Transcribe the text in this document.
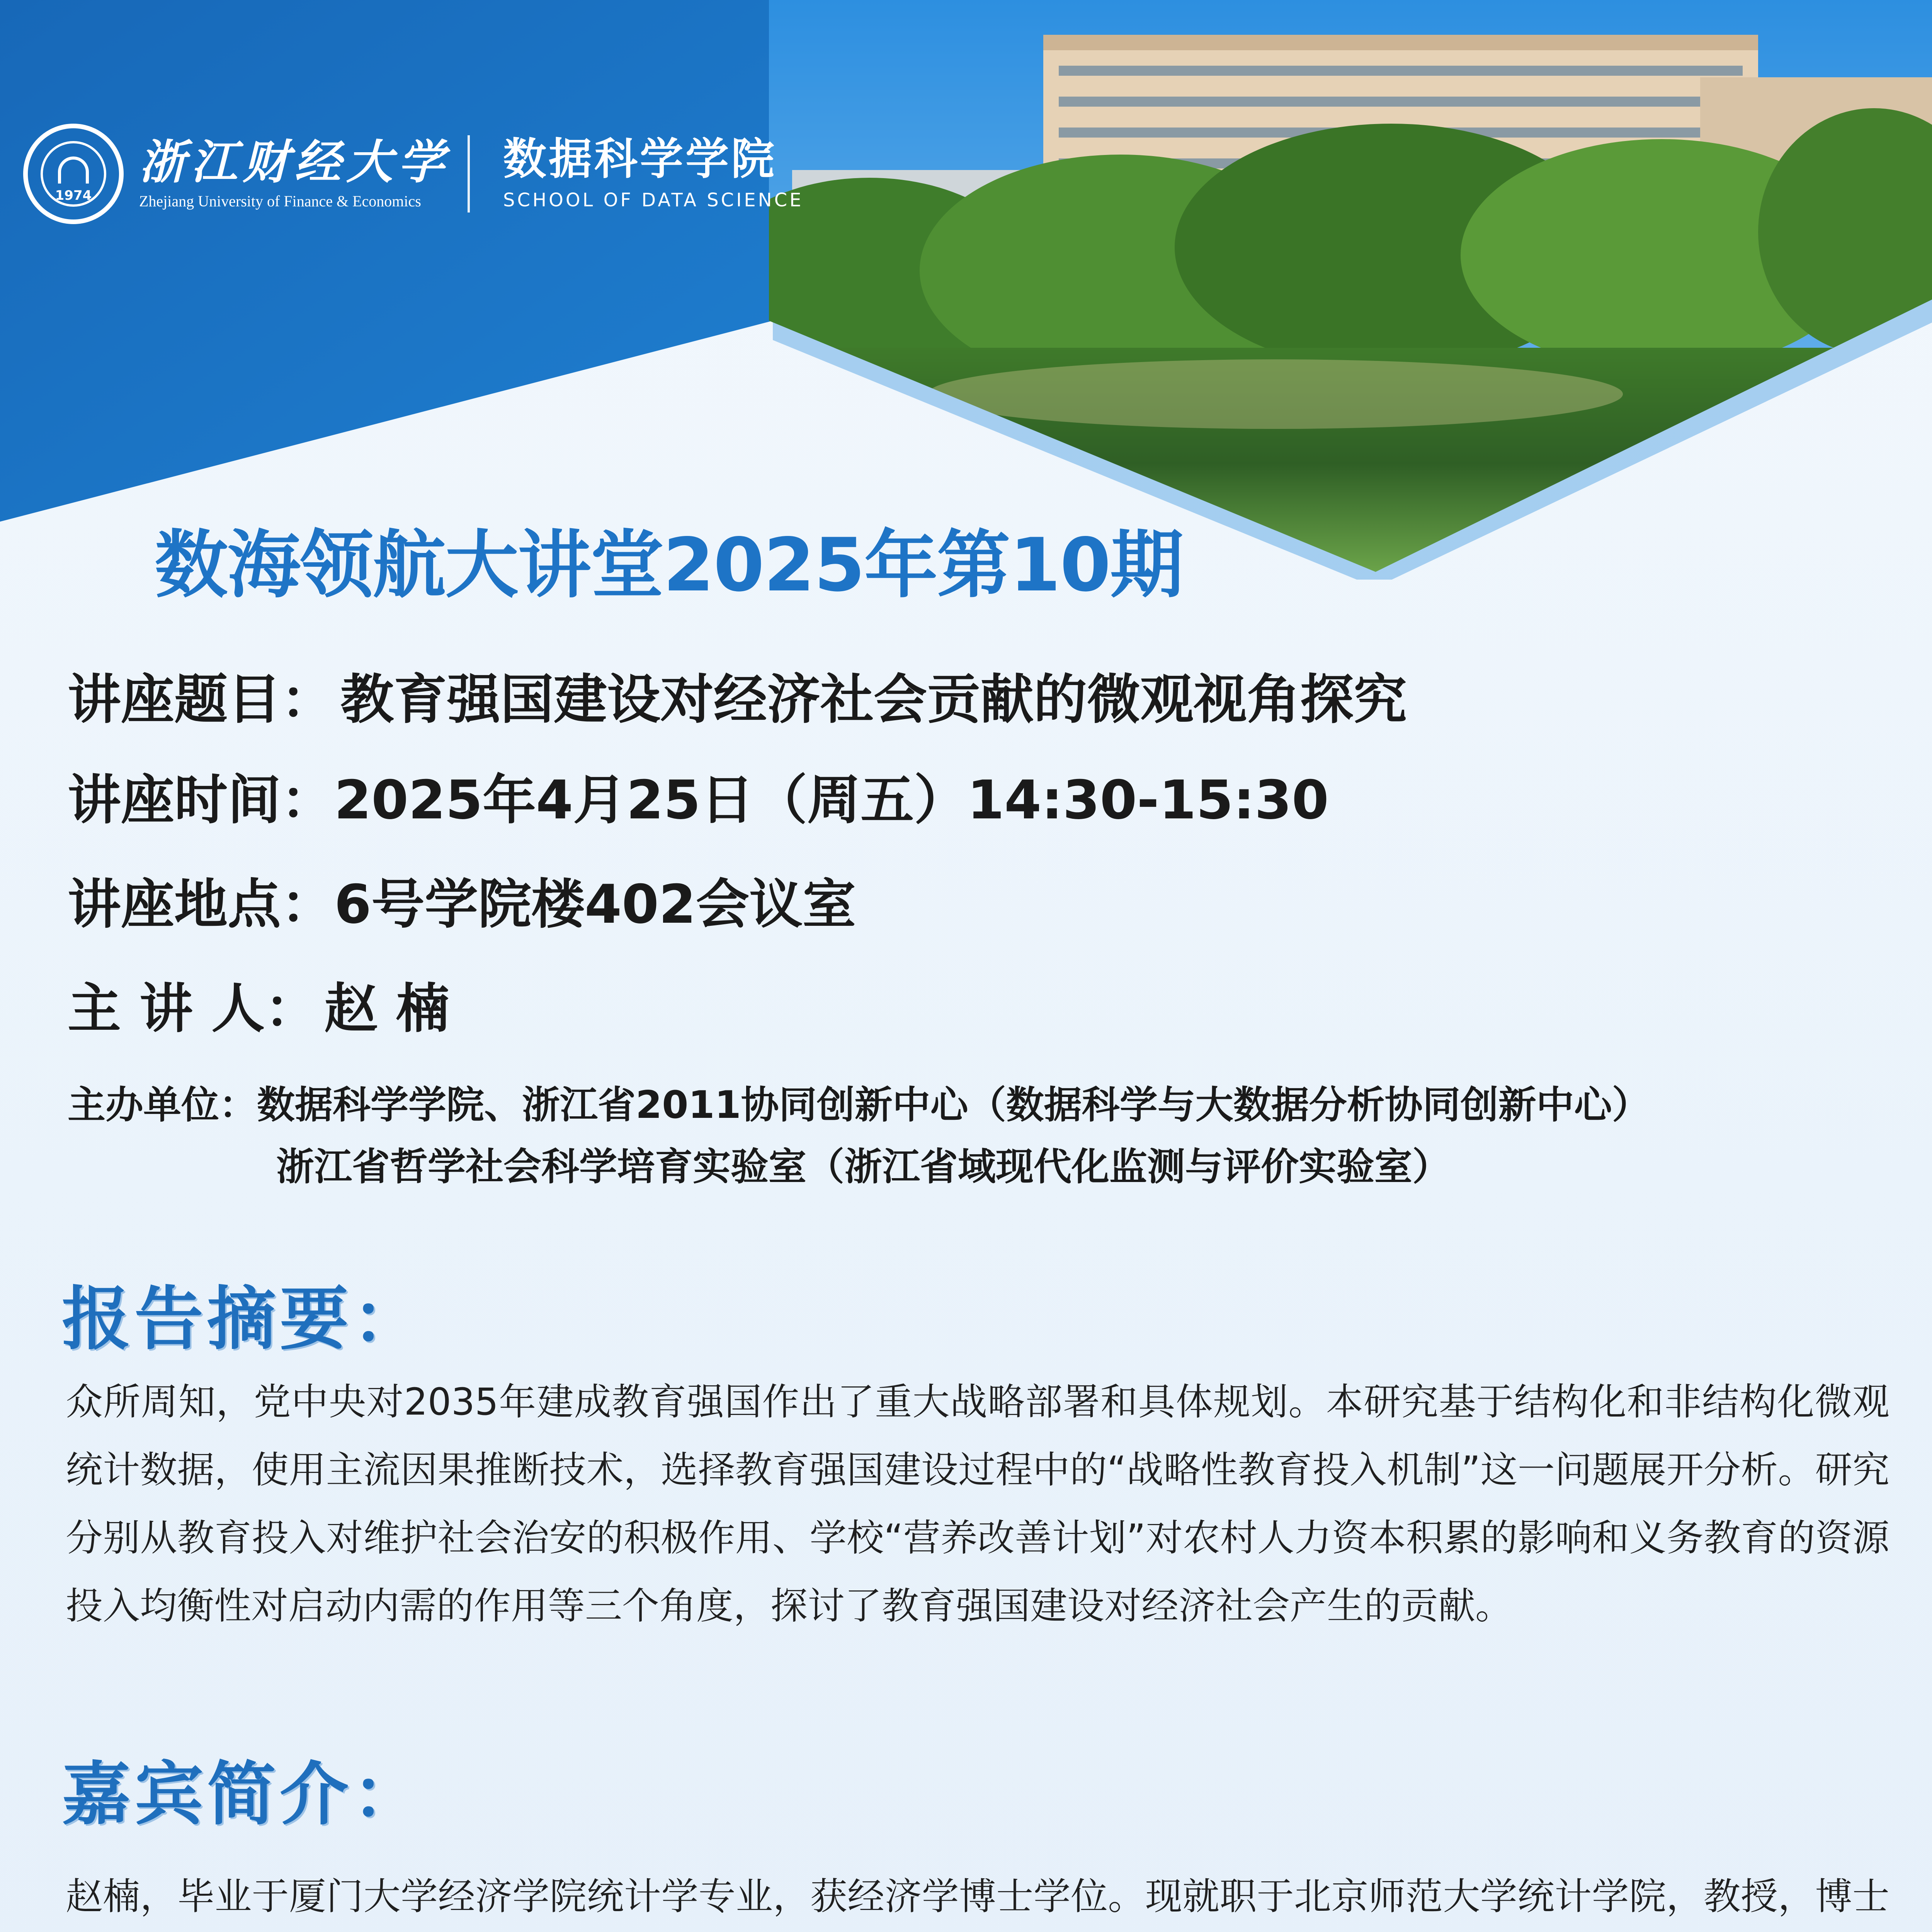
1974
浙江财经大学
Zhejiang University of Finance & Economics
数据科学学院
SCHOOL OF DATA SCIENCE
数海领航大讲堂2025年第10期
讲座题目： 教育强国建设对经济社会贡献的微观视角探究
讲座时间：2025年4月25日（周五）14:30-15:30
讲座地点：6号学院楼402会议室
主 讲 人： 赵 楠
主办单位：数据科学学院、浙江省2011协同创新中心（数据科学与大数据分析协同创新中心）
浙江省哲学社会科学培育实验室（浙江省域现代化监测与评价实验室）
报告摘要：
众所周知，党中央对2035年建成教育强国作出了重大战略部署和具体规划。本研究基于结构化和非结构化微观统计数据，使用主流因果推断技术，选择教育强国建设过程中的“战略性教育投入机制”这一问题展开分析。研究分别从教育投入对维护社会治安的积极作用、学校“营养改善计划”对农村人力资本积累的影响和义务教育的资源投入均衡性对启动内需的作用等三个角度，探讨了教育强国建设对经济社会产生的贡献。
嘉宾简介：
赵楠，毕业于厦门大学经济学院统计学专业，获经济学博士学位。现就职于北京师范大学统计学院，教授，博士
